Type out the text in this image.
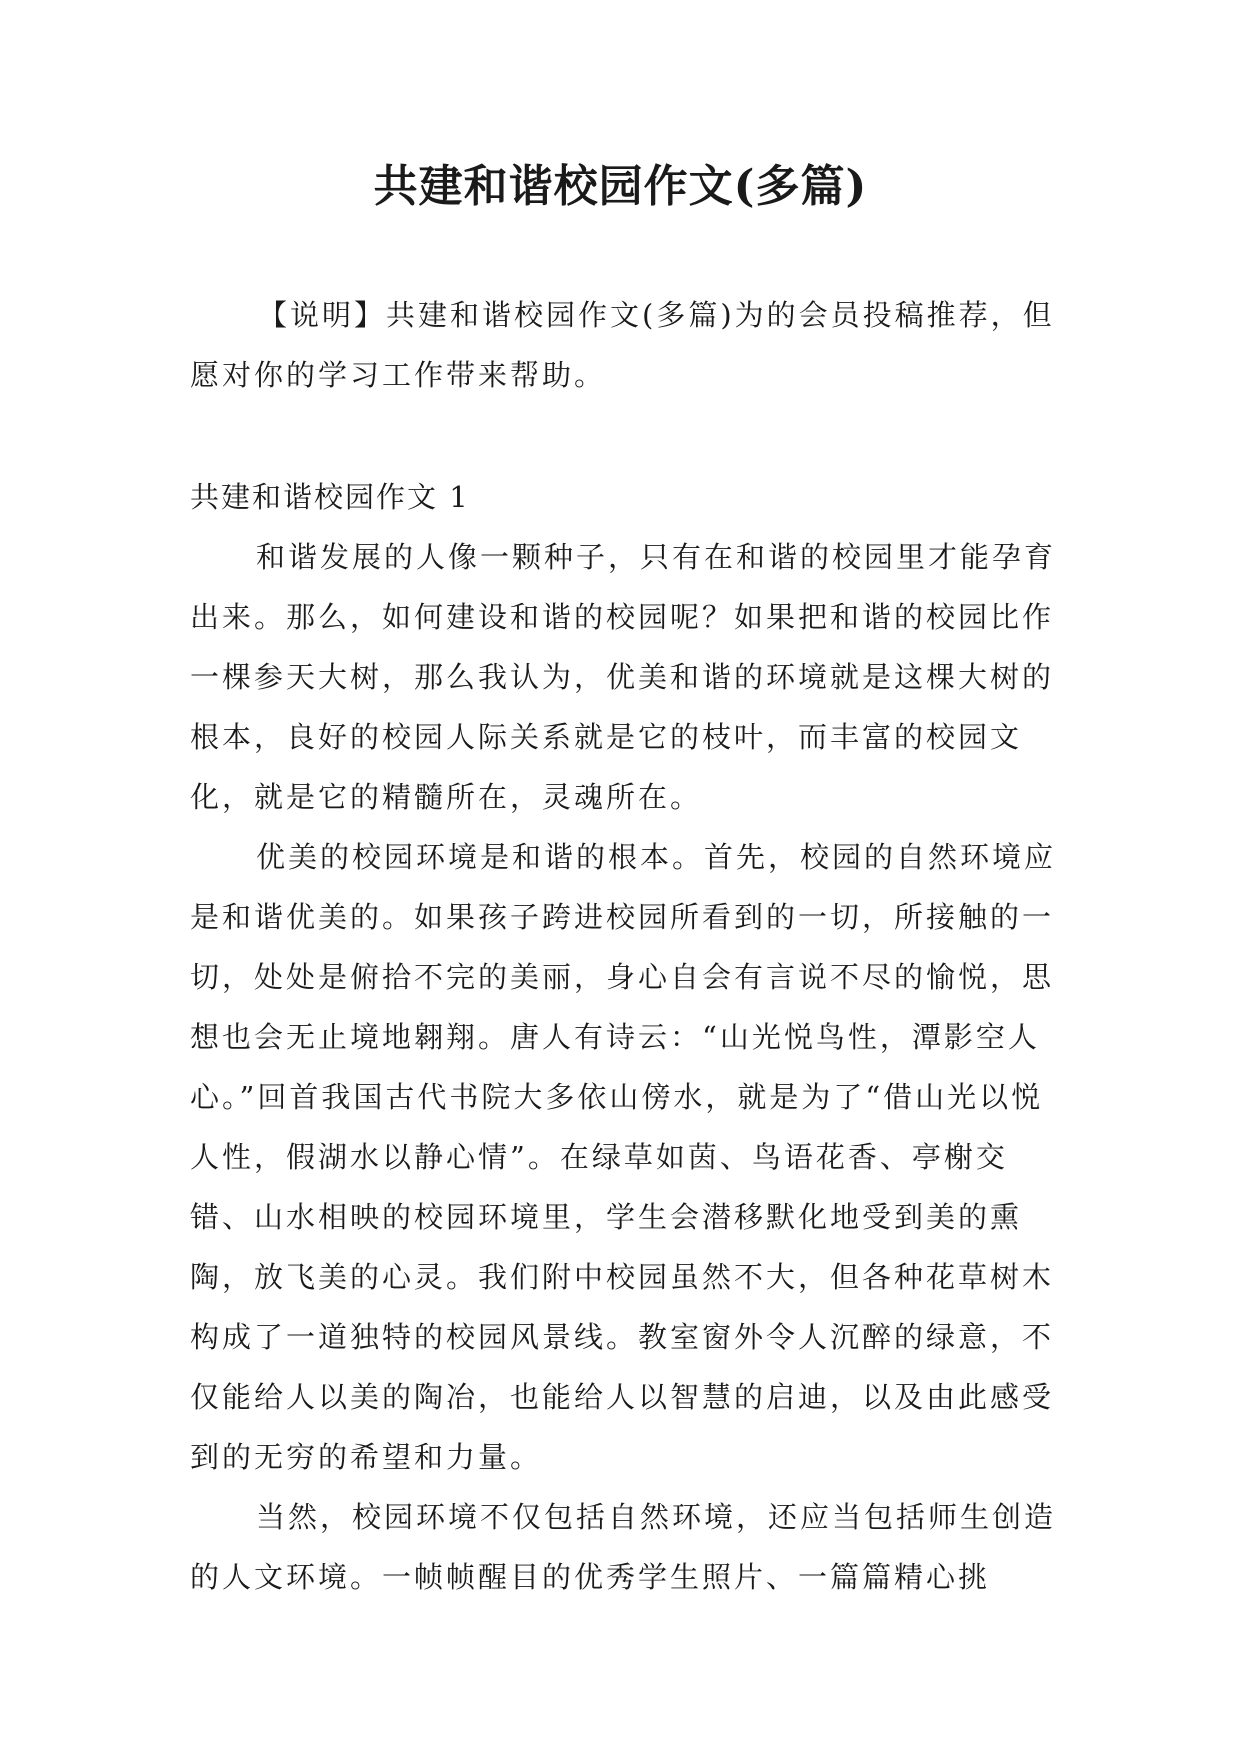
共建和谐校园作文(多篇)

【说明】共建和谐校园作文(多篇)为的会员投稿推荐，但愿对你的学习工作带来帮助。

共建和谐校园作文 1

和谐发展的人像一颗种子，只有在和谐的校园里才能孕育出来。那么，如何建设和谐的校园呢？如果把和谐的校园比作一棵参天大树，那么我认为，优美和谐的环境就是这棵大树的根本，良好的校园人际关系就是它的枝叶，而丰富的校园文化，就是它的精髓所在，灵魂所在。

优美的校园环境是和谐的根本。首先，校园的自然环境应是和谐优美的。如果孩子跨进校园所看到的一切，所接触的一切，处处是俯拾不完的美丽，身心自会有言说不尽的愉悦，思想也会无止境地翱翔。唐人有诗云：“山光悦鸟性，潭影空人心。”回首我国古代书院大多依山傍水，就是为了“借山光以悦人性，假湖水以静心情”。在绿草如茵、鸟语花香、亭榭交错、山水相映的校园环境里，学生会潜移默化地受到美的熏陶，放飞美的心灵。我们附中校园虽然不大，但各种花草树木构成了一道独特的校园风景线。教室窗外令人沉醉的绿意，不仅能给人以美的陶冶，也能给人以智慧的启迪，以及由此感受到的无穷的希望和力量。

当然，校园环境不仅包括自然环境，还应当包括师生创造的人文环境。一帧帧醒目的优秀学生照片、一篇篇精心挑
